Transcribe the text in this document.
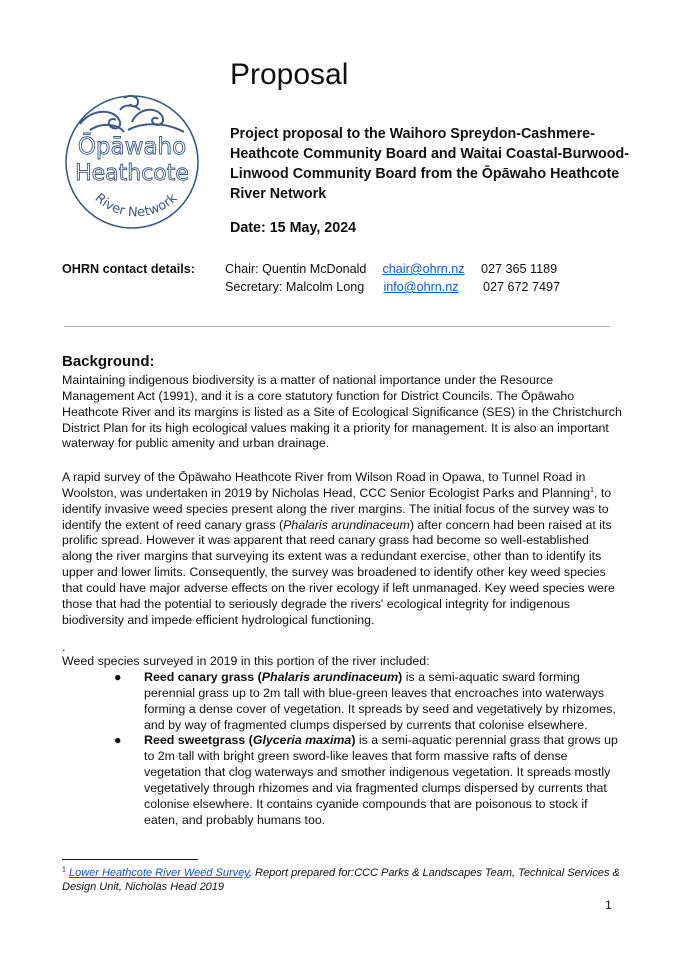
Ōpāwaho
Heathcote
River Network
Proposal
Project proposal to the Waihoro Spreydon-Cashmere-Heathcote Community Board and Waitai Coastal-Burwood-Linwood Community Board from the Ōpāwaho Heathcote River Network
Date: 15 May, 2024
OHRN contact details: Chair: Quentin McDonald chair@ohrn.nz 027 365 1189
Secretary: Malcolm Long info@ohrn.nz 027 672 7497
Background:

Maintaining indigenous biodiversity is a matter of national importance under the Resource Management Act (1991), and it is a core statutory function for District Councils. The Ōpāwaho Heathcote River and its margins is listed as a Site of Ecological Significance (SES) in the Christchurch District Plan for its high ecological values making it a priority for management. It is also an important waterway for public amenity and urban drainage.

A rapid survey of the Ōpāwaho Heathcote River from Wilson Road in Opawa, to Tunnel Road in Woolston, was undertaken in 2019 by Nicholas Head, CCC Senior Ecologist Parks and Planning$^1$, to identify invasive weed species present along the river margins. The initial focus of the survey was to identify the extent of reed canary grass (Phalaris arundinaceum) after concern had been raised at its prolific spread. However it was apparent that reed canary grass had become so well-established along the river margins that surveying its extent was a redundant exercise, other than to identify its upper and lower limits. Consequently, the survey was broadened to identify other key weed species that could have major adverse effects on the river ecology if left unmanaged. Key weed species were those that had the potential to seriously degrade the rivers' ecological integrity for indigenous biodiversity and impede efficient hydrological functioning.

.

Weed species surveyed in 2019 in this portion of the river included:

● Reed canary grass (Phalaris arundinaceum) is a semi-aquatic sward forming perennial grass up to 2m tall with blue-green leaves that encroaches into waterways forming a dense cover of vegetation. It spreads by seed and vegetatively by rhizomes, and by way of fragmented clumps dispersed by currents that colonise elsewhere.
● Reed sweetgrass (Glyceria maxima) is a semi-aquatic perennial grass that grows up to 2m tall with bright green sword-like leaves that form massive rafts of dense vegetation that clog waterways and smother indigenous vegetation. It spreads mostly vegetatively through rhizomes and via fragmented clumps dispersed by currents that colonise elsewhere. It contains cyanide compounds that are poisonous to stock if eaten, and probably humans too.
$^1$ Lower Heathcote River Weed Survey, Report prepared for:CCC Parks & Landscapes Team, Technical Services & Design Unit, Nicholas Head 2019
1
